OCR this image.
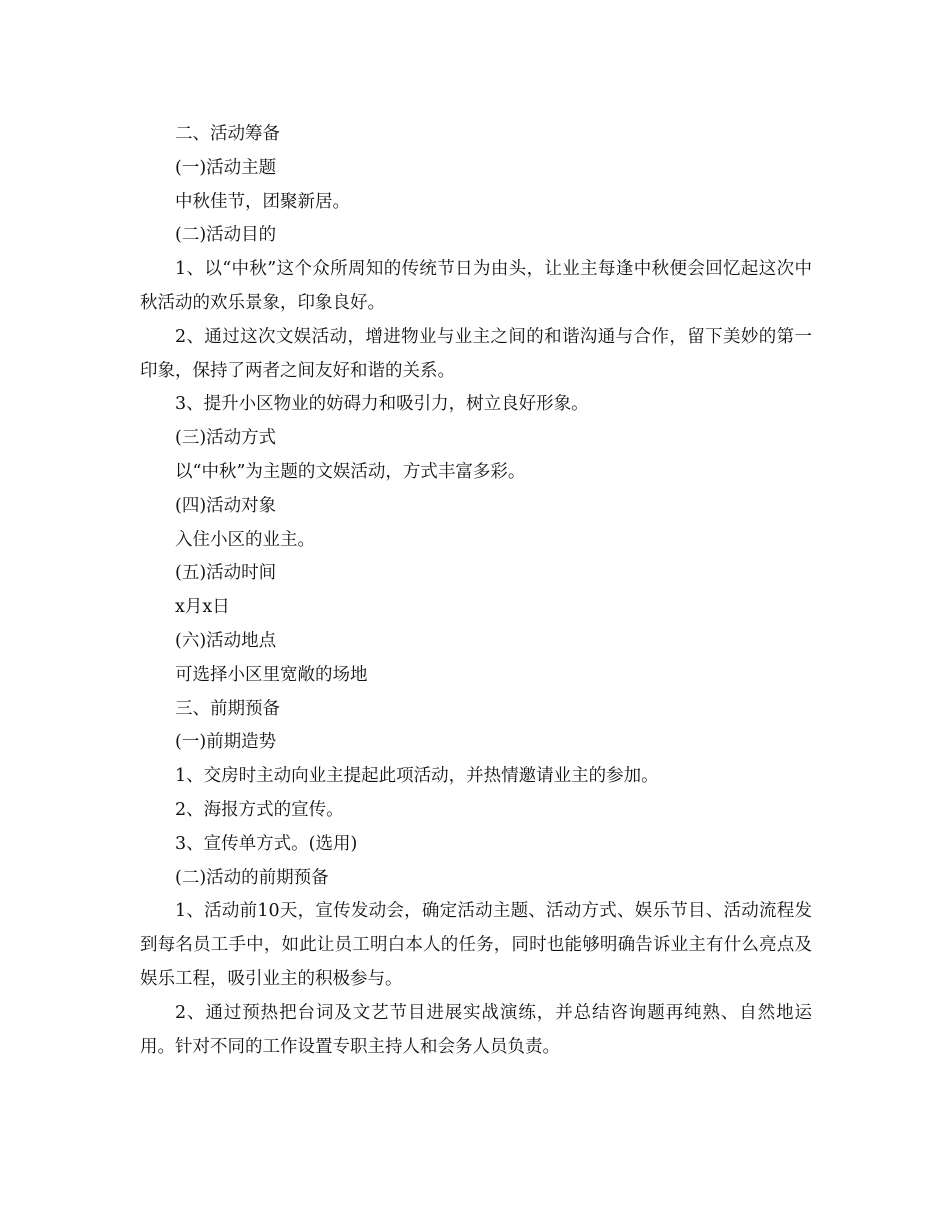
二、活动筹备

(一)活动主题

中秋佳节，团聚新居。

(二)活动目的

1、以“中秋”这个众所周知的传统节日为由头，让业主每逢中秋便会回忆起这次中秋活动的欢乐景象，印象良好。

2、通过这次文娱活动，增进物业与业主之间的和谐沟通与合作，留下美妙的第一印象，保持了两者之间友好和谐的关系。

3、提升小区物业的妨碍力和吸引力，树立良好形象。

(三)活动方式

以“中秋”为主题的文娱活动，方式丰富多彩。

(四)活动对象

入住小区的业主。

(五)活动时间

x月x日

(六)活动地点

可选择小区里宽敞的场地

三、前期预备

(一)前期造势

1、交房时主动向业主提起此项活动，并热情邀请业主的参加。

2、海报方式的宣传。

3、宣传单方式。(选用)

(二)活动的前期预备

1、活动前10天，宣传发动会，确定活动主题、活动方式、娱乐节目、活动流程发到每名员工手中，如此让员工明白本人的任务，同时也能够明确告诉业主有什么亮点及娱乐工程，吸引业主的积极参与。

2、通过预热把台词及文艺节目进展实战演练，并总结咨询题再纯熟、自然地运用。针对不同的工作设置专职主持人和会务人员负责。
